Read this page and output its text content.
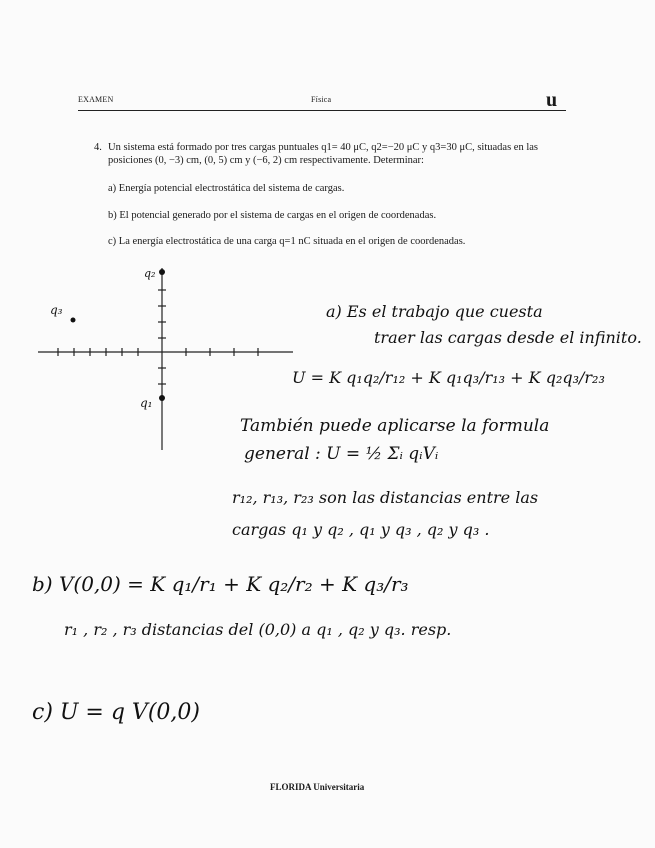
EXAMEN	Física	u
4. Un sistema está formado por tres cargas puntuales q1= 40 μC, q2=−20 μC y q3=30 μC, situadas en las posiciones (0, −3) cm, (0, 5) cm y (−6, 2) cm respectivamente. Determinar:
a) Energía potencial electrostática del sistema de cargas.
b) El potencial generado por el sistema de cargas en el origen de coordenadas.
c) La energía electrostática de una carga q=1 nC situada en el origen de coordenadas.
q₂
q₃
q₁
a) Es el trabajo que cuesta
traer las cargas desde el infinito.
U = K q₁q₂/r₁₂ + K q₁q₃/r₁₃ + K q₂q₃/r₂₃
También puede aplicarse la formula
general : U = ½ Σᵢ qᵢVᵢ
r₁₂, r₁₃, r₂₃ son las distancias entre las
cargas q₁ y q₂ , q₁ y q₃ , q₂ y q₃ .
b) V(0,0) = K q₁/r₁ + K q₂/r₂ + K q₃/r₃
r₁ , r₂ , r₃ distancias del (0,0) a q₁ , q₂ y q₃. resp.
c) U = q V(0,0)
FLORIDA Universitaria
